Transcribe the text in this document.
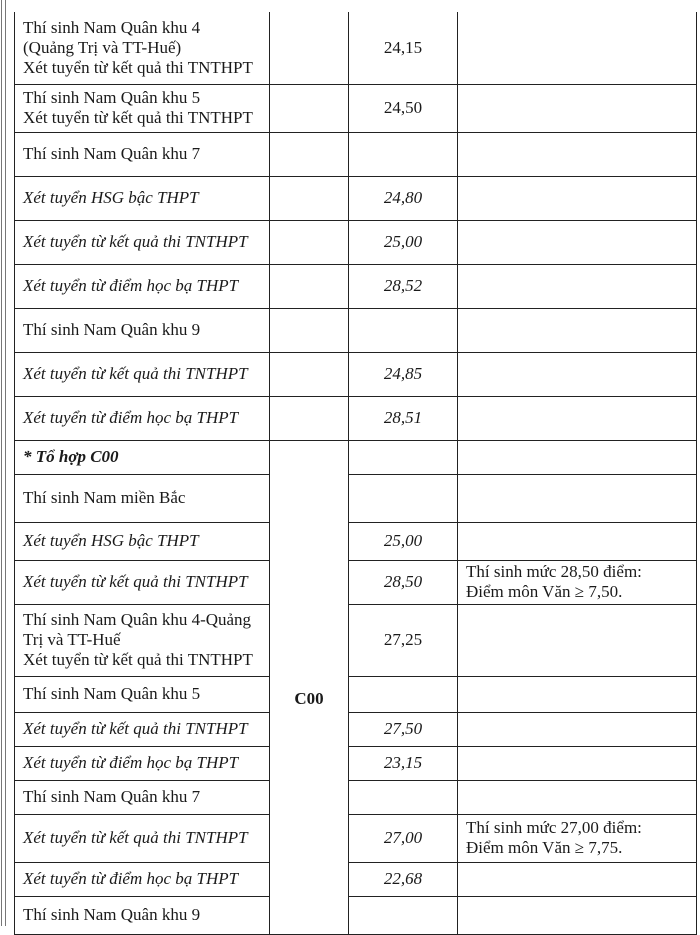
Thí sinh Nam Quân khu 4
(Quảng Trị và TT-Huế)
Xét tuyển từ kết quả thi TNTHPT		24,15	

Thí sinh Nam Quân khu 5
Xét tuyển từ kết quả thi TNTHPT		24,50	

Thí sinh Nam Quân khu 7			

Xét tuyển HSG bậc THPT		24,80	

Xét tuyển từ kết quả thi TNTHPT		25,00	

Xét tuyển từ điểm học bạ THPT		28,52	

Thí sinh Nam Quân khu 9			

Xét tuyển từ kết quả thi TNTHPT		24,85	

Xét tuyển từ điểm học bạ THPT		28,51	

* Tổ hợp C00	C00		

Thí sinh Nam miền Bắc			

Xét tuyển HSG bậc THPT		25,00	

Xét tuyển từ kết quả thi TNTHPT		28,50	Thí sinh mức 28,50 điểm:
Điểm môn Văn ≥ 7,50.

Thí sinh Nam Quân khu 4-Quảng
Trị và TT-Huế
Xét tuyển từ kết quả thi TNTHPT		27,25	

Thí sinh Nam Quân khu 5			

Xét tuyển từ kết quả thi TNTHPT		27,50	

Xét tuyển từ điểm học bạ THPT		23,15	

Thí sinh Nam Quân khu 7			

Xét tuyển từ kết quả thi TNTHPT		27,00	Thí sinh mức 27,00 điểm:
Điểm môn Văn ≥ 7,75.

Xét tuyển từ điểm học bạ THPT		22,68	

Thí sinh Nam Quân khu 9			
